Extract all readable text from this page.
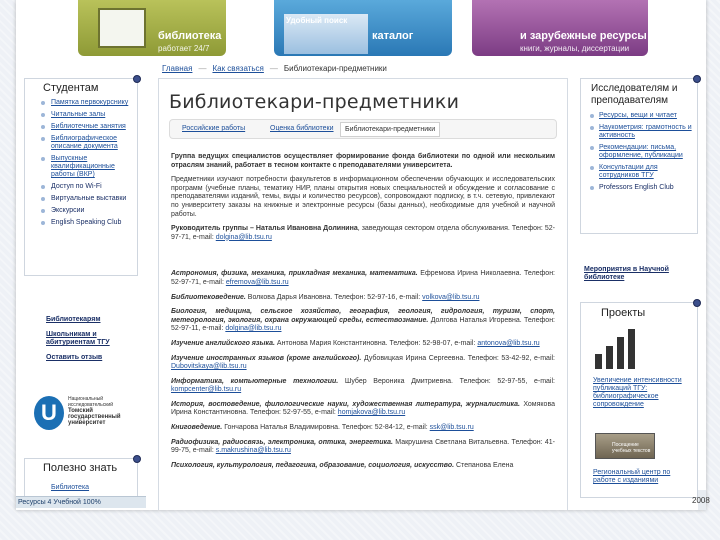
библиотека
работает 24/7
Удобный поиск
каталог	и зарубежные ресурсы
книги, журналы, диссертации
Главная — Как связаться — Библиотекари-предметники
Студентам
Памятка первокурснику
Читальные залы
Библиотечные занятия
Библиографическое описание документа
Выпускные квалификационные работы (ВКР)
Доступ по Wi-Fi
Виртуальные выставки
Экскурсии
English Speaking Club

Библиотекарям

Школьникам и абитуриентам ТГУ

Оставить отзыв

U
Национальный исследовательский
Томский государственный университет
Полезно знать
Библиотека
Библиотекари-предметники
Российские работы	Оценка библиотеки	Библиотекари-предметники

Группа ведущих специалистов осуществляет формирование фонда библиотеки по одной или нескольким отраслям знаний, работает в тесном контакте с преподавателями университета.

Предметники изучают потребности факультетов в информационном обеспечении обучающих и исследовательских программ (учебные планы, тематику НИР, планы открытия новых специальностей и обсуждение и согласование с преподавателями изданий, темы, виды и количество ресурсов), сопровождают подписку, в т.ч. сетевую, привлекают по университету заказы на книжные и электронные ресурсы (базы данных), необходимые для учебной и научной работы.

Руководитель группы – Наталья Ивановна Долинина, заведующая сектором отдела обслуживания. Телефон: 52-97-71, e-mail: dolgina@lib.tsu.ru

Астрономия, физика, механика, прикладная механика, математика. Ефремова Ирина Николаевна. Телефон: 52-97-71, e-mail: efremova@lib.tsu.ru

Библиотековедение. Волкова Дарья Ивановна. Телефон: 52-97-16, e-mail: volkova@lib.tsu.ru

Биология, медицина, сельское хозяйство, география, геология, гидрология, туризм, спорт, метеорология, экология, охрана окружающей среды, естествознание. Долгова Наталья Игоревна. Телефон: 52-97-11, e-mail: dolgina@lib.tsu.ru

Изучение английского языка. Антонова Мария Константиновна. Телефон: 52-98-07, e-mail: antonova@lib.tsu.ru

Изучение иностранных языков (кроме английского). Дубовицкая Ирина Сергеевна. Телефон: 53-42-92, e-mail: Dubovitskaya@lib.tsu.ru

Информатика, компьютерные технологии. Шубер Вероника Дмитриевна. Телефон: 52-97-55, e-mail: kompcenter@lib.tsu.ru

История, востоведение, филологические науки, художественная литература, журналистика. Хомякова Ирина Константиновна. Телефон: 52-97-55, e-mail: homjakova@lib.tsu.ru

Книговедение. Гончарова Наталья Владимировна. Телефон: 52-84-12, e-mail: ssk@lib.tsu.ru

Радиофизика, радиосвязь, электроника, оптика, энергетика. Макрушина Светлана Витальевна. Телефон: 41-99-75, e-mail: s.makrushina@lib.tsu.ru

Психология, культурология, педагогика, образование, социология, искусство. Степанова Елена

Исследователям и преподавателям
Ресурсы, вещи и читает
Наукометрия: грамотность и активность
Рекомендации: письма, оформление, публикации
Консультации для сотрудников ТГУ
Professors English Club
Мероприятия в Научной библиотеке
Проекты
Увеличение интенсивности публикаций ТГУ: библиографическое сопровождение
Посещение учебных текстов
Региональный центр по работе с изданиями
Ресурсы 4 Учебной 100%	2008
